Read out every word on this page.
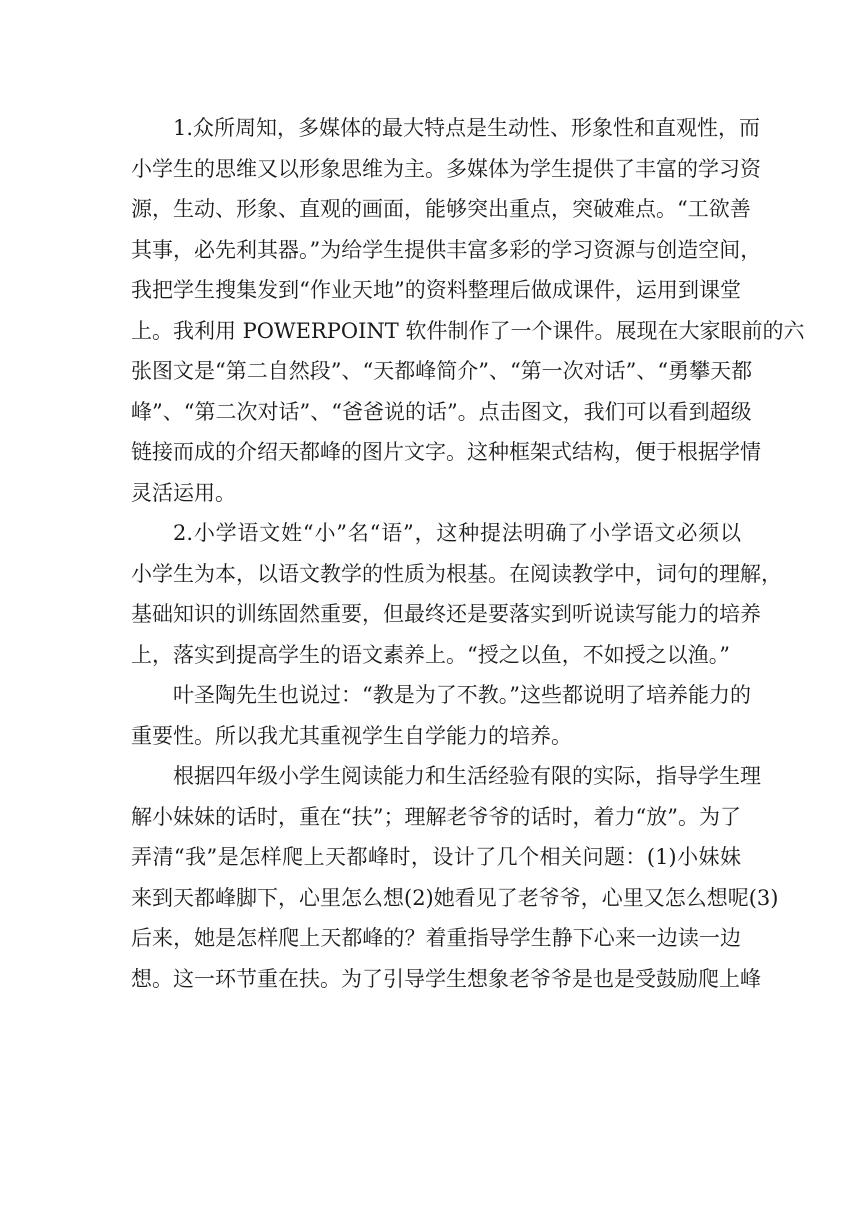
1.众所周知，多媒体的最大特点是生动性、形象性和直观性，而
小学生的思维又以形象思维为主。多媒体为学生提供了丰富的学习资
源，生动、形象、直观的画面，能够突出重点，突破难点。“工欲善
其事，必先利其器。”为给学生提供丰富多彩的学习资源与创造空间，
我把学生搜集发到“作业天地”的资料整理后做成课件，运用到课堂
上。我利用 POWERPOINT 软件制作了一个课件。展现在大家眼前的六
张图文是“第二自然段”、“天都峰简介”、“第一次对话”、“勇攀天都
峰”、“第二次对话”、“爸爸说的话”。点击图文，我们可以看到超级
链接而成的介绍天都峰的图片文字。这种框架式结构，便于根据学情
灵活运用。
2.小学语文姓“小”名“语”，这种提法明确了小学语文必须以
小学生为本，以语文教学的性质为根基。在阅读教学中，词句的理解，
基础知识的训练固然重要，但最终还是要落实到听说读写能力的培养
上，落实到提高学生的语文素养上。“授之以鱼，不如授之以渔。”
叶圣陶先生也说过：“教是为了不教。”这些都说明了培养能力的
重要性。所以我尤其重视学生自学能力的培养。
根据四年级小学生阅读能力和生活经验有限的实际，指导学生理
解小妹妹的话时，重在“扶”；理解老爷爷的话时，着力“放”。为了
弄清“我”是怎样爬上天都峰时，设计了几个相关问题：(1)小妹妹
来到天都峰脚下，心里怎么想(2)她看见了老爷爷，心里又怎么想呢(3)
后来，她是怎样爬上天都峰的？着重指导学生静下心来一边读一边
想。这一环节重在扶。为了引导学生想象老爷爷是也是受鼓励爬上峰
